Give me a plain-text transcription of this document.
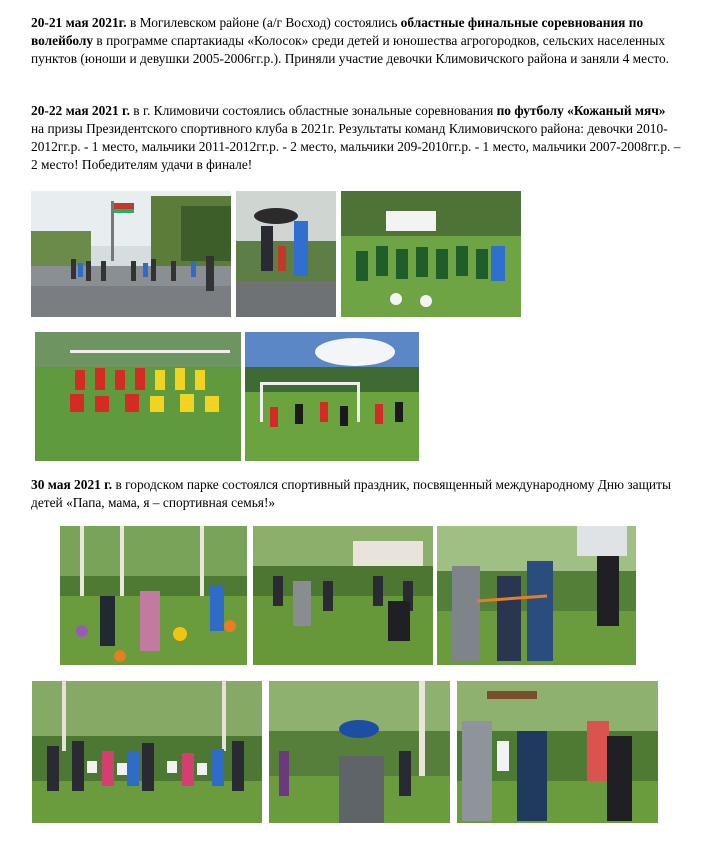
20-21 мая 2021г. в Могилевском районе (а/г Восход) состоялись областные финальные соревнования по волейболу в программе спартакиады «Колосок» среди детей и юношества агрогородков, сельских населенных пунктов (юноши и девушки 2005-2006гг.р.). Приняли участие девочки Климовичского района и заняли 4 место.

20-22 мая 2021 г. в г. Климовичи состоялись областные зональные соревнования по футболу «Кожаный мяч» на призы Президентского спортивного клуба в 2021г. Результаты команд Климовичского района: девочки 2010-2012гг.р. - 1 место, мальчики 2011-2012гг.р. - 2 место, мальчики 209-2010гг.р. - 1 место, мальчики 2007-2008гг.р. – 2 место! Победителям удачи в финале!

30 мая 2021 г. в городском парке состоялся спортивный праздник, посвященный международному Дню защиты детей «Папа, мама, я – спортивная семья!»
